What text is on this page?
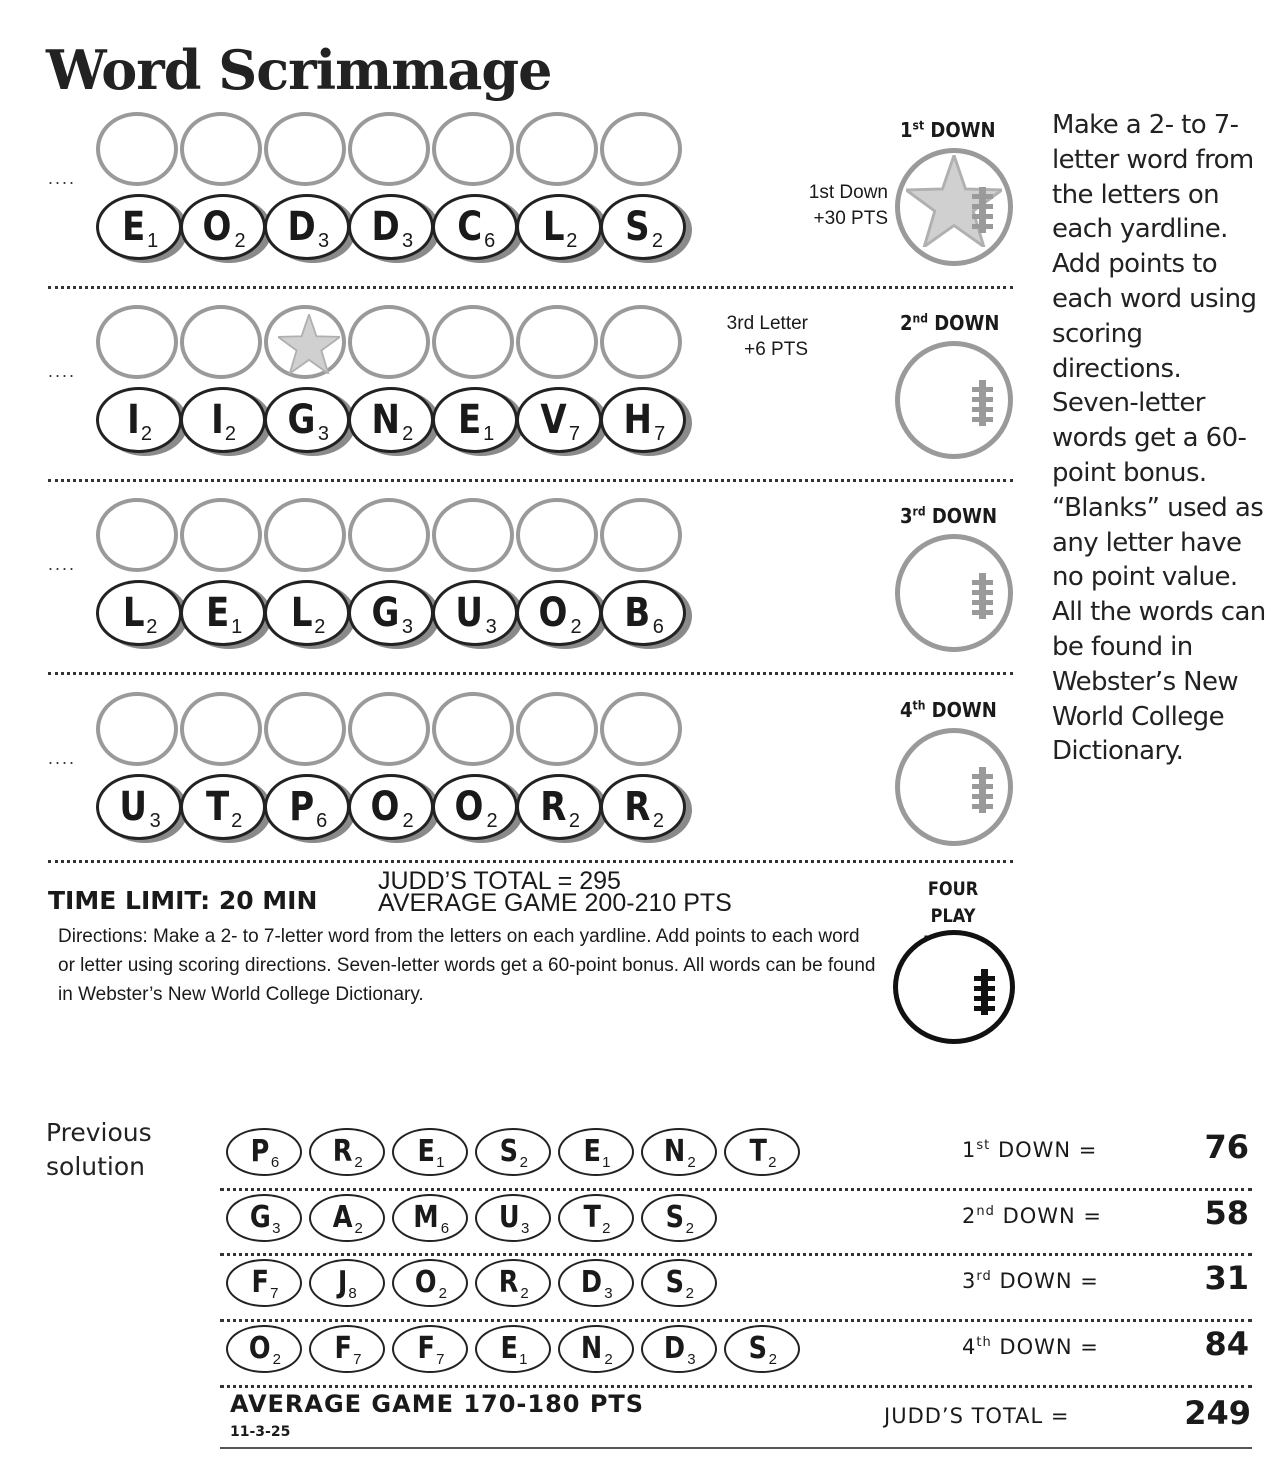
Word Scrimmage
....
E 1 O 2 D 3 D 3 C 6 L 2 S 2
1st DOWN
1st Down
+30 PTS
....
I 2 I 2 G 3 N 2 E 1 V 7 H 7
2nd DOWN
3rd Letter
+6 PTS
....
L 2 E 1 L 2 G 3 U 3 O 2 B 6
3rd DOWN
....
U 3 T 2 P 6 O 2 O 2 R 2 R 2
4th DOWN
Make a 2- to 7-letter word from the letters on each yardline. Add points to each word using scoring directions. Seven-letter words get a 60-point bonus. “Blanks” used as any letter have no point value. All the words can be found in Webster’s New World College Dictionary.
TIME LIMIT: 20 MIN
JUDD’S TOTAL = 295
AVERAGE GAME 200-210 PTS
Directions: Make a 2- to 7-letter word from the letters on each yardline. Add points to each word or letter using scoring directions. Seven-letter words get a 60-point bonus. All words can be found in Webster’s New World College Dictionary.
FOUR PLAY
Previous
solution	P 6 R 2 E 1 S 2 E 1 N 2 T 2	1st DOWN =	76
G 3 A 2 M 6 U 3 T 2 S 2	2nd DOWN =	58
F 7 J 8 O 2 R 2 D 3 S 2	3rd DOWN =	31
O 2 F 7 F 7 E 1 N 2 D 3 S 2	4th DOWN =	84
AVERAGE GAME 170-180 PTS
11-3-25
JUDD’S TOTAL =	249
